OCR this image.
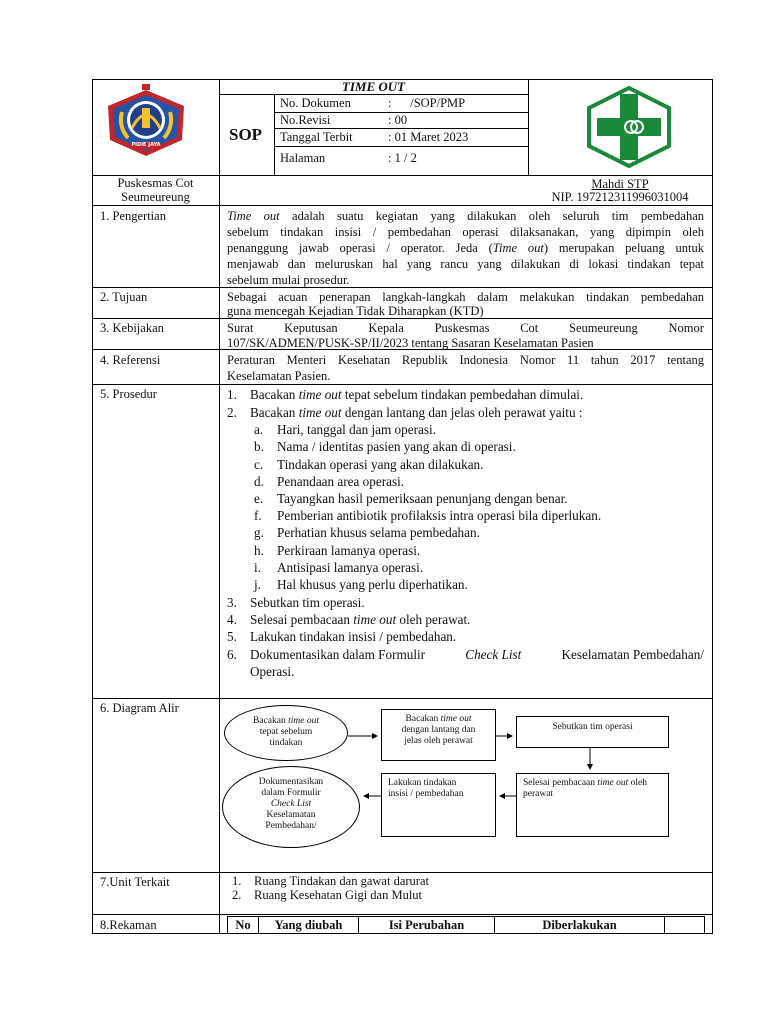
PIDIE JAYA
TIME OUT
SOP
No. Dokumen	:      /SOP/PMP
No.Revisi	: 00
Tanggal Terbit	: 01 Maret 2023
Halaman	: 1 / 2
Puskesmas Cot
Seumeureung
Mahdi STP
NIP. 197212311996031004
1. Pengertian	Time out adalah suatu kegiatan yang dilakukan oleh seluruh tim pembedahan
sebelum tindakan insisi / pembedahan operasi dilaksanakan, yang dipimpin oleh
penanggung jawab operasi / operator. Jeda (Time out) merupakan peluang untuk
menjawab dan meluruskan hal yang rancu yang dilakukan di lokasi tindakan tepat
sebelum mulai prosedur.
2. Tujuan	Sebagai acuan penerapan langkah-langkah dalam melakukan tindakan pembedahan
guna mencegah Kejadian Tidak Diharapkan (KTD)
3. Kebijakan	Surat Keputusan Kepala Puskesmas Cot Seumeureung Nomor
107/SK/ADMEN/PUSK-SP/II/2023 tentang Sasaran Keselamatan Pasien
4. Referensi	Peraturan Menteri Kesehatan Republik Indonesia Nomor 11 tahun 2017 tentang
Keselamatan Pasien.
5. Prosedur	1. Bacakan time out tepat sebelum tindakan pembedahan dimulai.
2. Bacakan time out dengan lantang dan jelas oleh perawat yaitu :
a. Hari, tanggal dan jam operasi.
b. Nama / identitas pasien yang akan di operasi.
c. Tindakan operasi yang akan dilakukan.
d. Penandaan area operasi.
e. Tayangkan hasil pemeriksaan penunjang dengan benar.
f. Pemberian antibiotik profilaksis intra operasi bila diperlukan.
g. Perhatian khusus selama pembedahan.
h. Perkiraan lamanya operasi.
i. Antisipasi lamanya operasi.
j. Hal khusus yang perlu diperhatikan.
3. Sebutkan tim operasi.
4. Selesai pembacaan time out oleh perawat.
5. Lakukan tindakan insisi / pembedahan.
6. Dokumentasikan dalam Formulir	Check List	Keselamatan Pembedahan/
Operasi.
6. Diagram Alir
Bacakan time out
tepat sebelum
tindakan
Bacakan time out
dengan lantang dan
jelas oleh perawat
Sebutkan tim operasi
Selesai pembacaan time out oleh
perawat
Lakukan tindakan
insisi / pembedahan
Dokumentasikan
dalam Formulir
Check List
Keselamatan
Pembedahan/
7.Unit Terkait	1. Ruang Tindakan dan gawat darurat
2. Ruang Kesehatan Gigi dan Mulut
8.Rekaman	No	Yang diubah	Isi Perubahan	Diberlakukan
